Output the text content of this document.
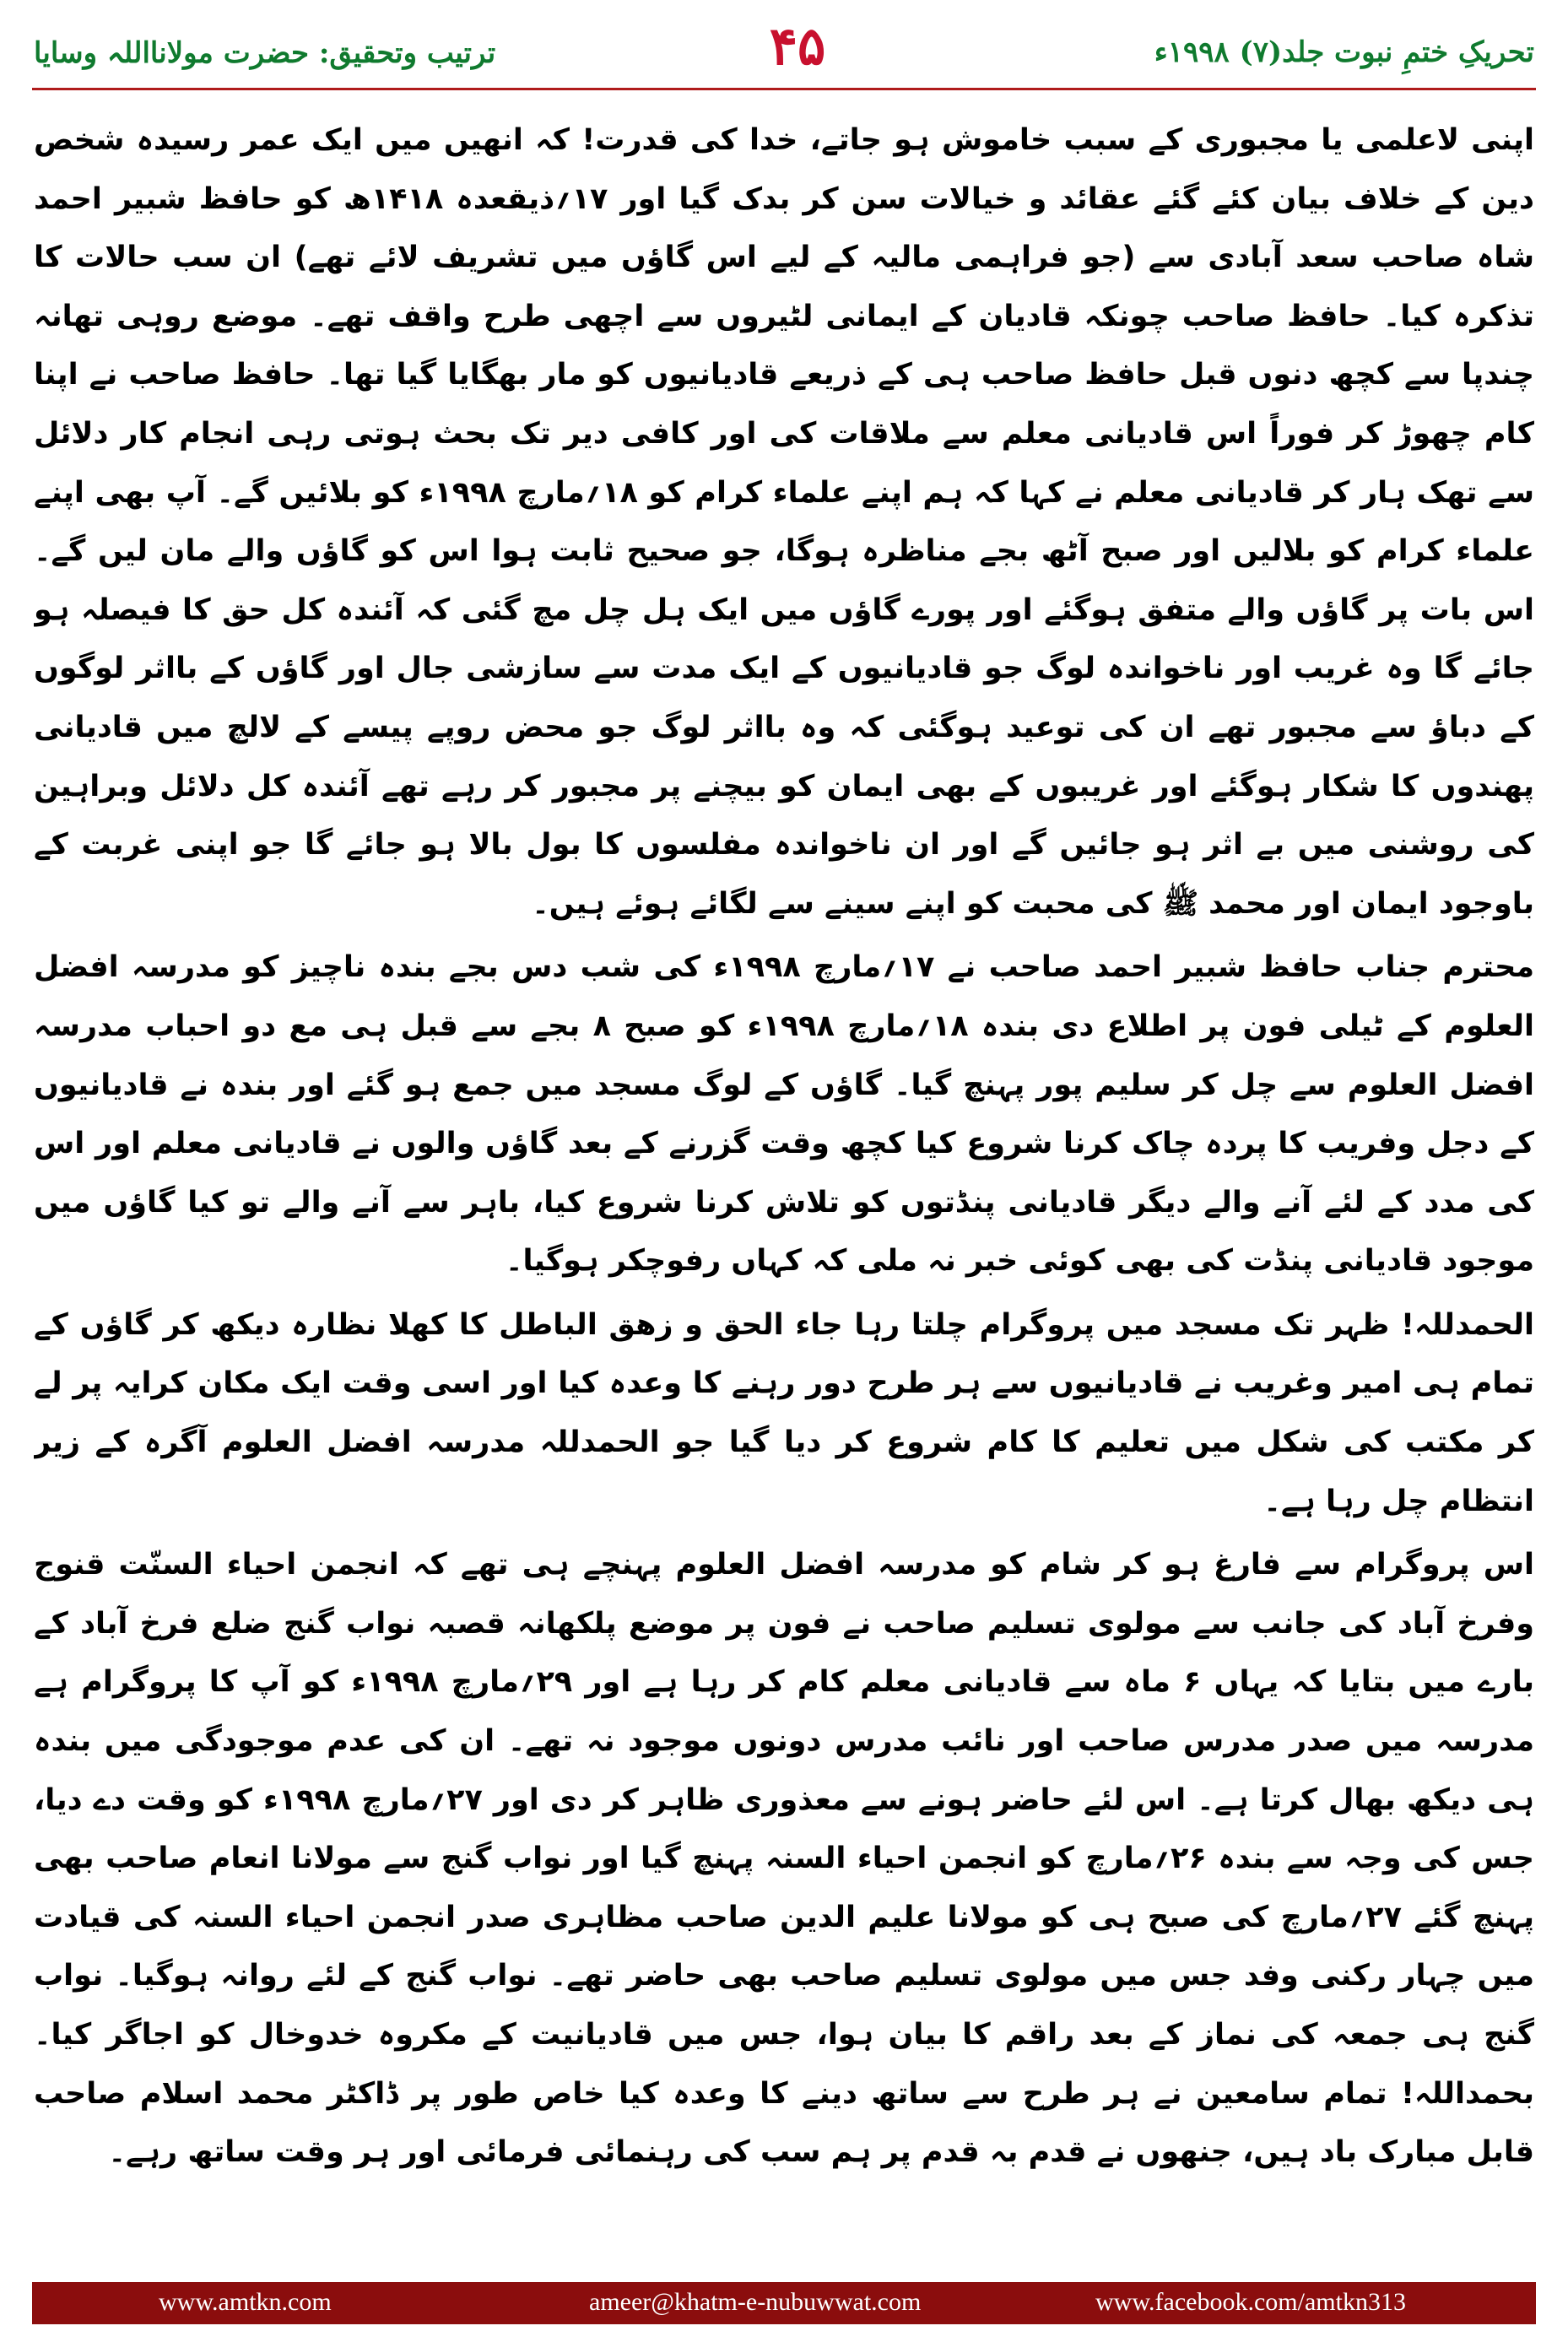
ترتیب وتحقیق: حضرت مولانااللہ وسایا	۴۵	تحریکِ ختمِ نبوت جلد(۷) ۱۹۹۸ء

اپنی لاعلمی یا مجبوری کے سبب خاموش ہو جاتے، خدا کی قدرت! کہ انھیں میں ایک عمر رسیدہ شخص دین کے خلاف بیان کئے گئے عقائد و خیالات سن کر بدک گیا اور ۱۷؍ذیقعدہ ۱۴۱۸ھ کو حافظ شبیر احمد شاہ صاحب سعد آبادی سے (جو فراہمی مالیہ کے لیے اس گاؤں میں تشریف لائے تھے) ان سب حالات کا تذکرہ کیا۔ حافظ صاحب چونکہ قادیان کے ایمانی لٹیروں سے اچھی طرح واقف تھے۔ موضع روہی تھانہ چندپا سے کچھ دنوں قبل حافظ صاحب ہی کے ذریعے قادیانیوں کو مار بھگایا گیا تھا۔ حافظ صاحب نے اپنا کام چھوڑ کر فوراً اس قادیانی معلم سے ملاقات کی اور کافی دیر تک بحث ہوتی رہی انجام کار دلائل سے تھک ہار کر قادیانی معلم نے کہا کہ ہم اپنے علماء کرام کو ۱۸؍مارچ ۱۹۹۸ء کو بلائیں گے۔ آپ بھی اپنے علماء کرام کو بلالیں اور صبح آٹھ بجے مناظرہ ہوگا، جو صحیح ثابت ہوا اس کو گاؤں والے مان لیں گے۔ اس بات پر گاؤں والے متفق ہوگئے اور پورے گاؤں میں ایک ہل چل مچ گئی کہ آئندہ کل حق کا فیصلہ ہو جائے گا وہ غریب اور ناخواندہ لوگ جو قادیانیوں کے ایک مدت سے سازشی جال اور گاؤں کے بااثر لوگوں کے دباؤ سے مجبور تھے ان کی توعید ہوگئی کہ وہ بااثر لوگ جو محض روپے پیسے کے لالچ میں قادیانی پھندوں کا شکار ہوگئے اور غریبوں کے بھی ایمان کو بیچنے پر مجبور کر رہے تھے آئندہ کل دلائل وبراہین کی روشنی میں بے اثر ہو جائیں گے اور ان ناخواندہ مفلسوں کا بول بالا ہو جائے گا جو اپنی غربت کے باوجود ایمان اور محمد ﷺ کی محبت کو اپنے سینے سے لگائے ہوئے ہیں۔

محترم جناب حافظ شبیر احمد صاحب نے ۱۷؍مارچ ۱۹۹۸ء کی شب دس بجے بندہ ناچیز کو مدرسہ افضل العلوم کے ٹیلی فون پر اطلاع دی بندہ ۱۸؍مارچ ۱۹۹۸ء کو صبح ۸ بجے سے قبل ہی مع دو احباب مدرسہ افضل العلوم سے چل کر سلیم پور پہنچ گیا۔ گاؤں کے لوگ مسجد میں جمع ہو گئے اور بندہ نے قادیانیوں کے دجل وفریب کا پردہ چاک کرنا شروع کیا کچھ وقت گزرنے کے بعد گاؤں والوں نے قادیانی معلم اور اس کی مدد کے لئے آنے والے دیگر قادیانی پنڈتوں کو تلاش کرنا شروع کیا، باہر سے آنے والے تو کیا گاؤں میں موجود قادیانی پنڈت کی بھی کوئی خبر نہ ملی کہ کہاں رفوچکر ہوگیا۔

الحمدللہ! ظہر تک مسجد میں پروگرام چلتا رہا جاء الحق و زھق الباطل کا کھلا نظارہ دیکھ کر گاؤں کے تمام ہی امیر وغریب نے قادیانیوں سے ہر طرح دور رہنے کا وعدہ کیا اور اسی وقت ایک مکان کرایہ پر لے کر مکتب کی شکل میں تعلیم کا کام شروع کر دیا گیا جو الحمدللہ مدرسہ افضل العلوم آگرہ کے زیر انتظام چل رہا ہے۔

اس پروگرام سے فارغ ہو کر شام کو مدرسہ افضل العلوم پہنچے ہی تھے کہ انجمن احیاء السنّت قنوج وفرخ آباد کی جانب سے مولوی تسلیم صاحب نے فون پر موضع پلکھانہ قصبہ نواب گنج ضلع فرخ آباد کے بارے میں بتایا کہ یہاں ۶ ماہ سے قادیانی معلم کام کر رہا ہے اور ۲۹؍مارچ ۱۹۹۸ء کو آپ کا پروگرام ہے مدرسہ میں صدر مدرس صاحب اور نائب مدرس دونوں موجود نہ تھے۔ ان کی عدم موجودگی میں بندہ ہی دیکھ بھال کرتا ہے۔ اس لئے حاضر ہونے سے معذوری ظاہر کر دی اور ۲۷؍مارچ ۱۹۹۸ء کو وقت دے دیا، جس کی وجہ سے بندہ ۲۶؍مارچ کو انجمن احیاء السنہ پہنچ گیا اور نواب گنج سے مولانا انعام صاحب بھی پہنچ گئے ۲۷؍مارچ کی صبح ہی کو مولانا علیم الدین صاحب مظاہری صدر انجمن احیاء السنہ کی قیادت میں چہار رکنی وفد جس میں مولوی تسلیم صاحب بھی حاضر تھے۔ نواب گنج کے لئے روانہ ہوگیا۔ نواب گنج ہی جمعہ کی نماز کے بعد راقم کا بیان ہوا، جس میں قادیانیت کے مکروہ خدوخال کو اجاگر کیا۔ بحمداللہ! تمام سامعین نے ہر طرح سے ساتھ دینے کا وعدہ کیا خاص طور پر ڈاکٹر محمد اسلام صاحب قابل مبارک باد ہیں، جنھوں نے قدم بہ قدم پر ہم سب کی رہنمائی فرمائی اور ہر وقت ساتھ رہے۔

www.amtkn.com	ameer@khatm-e-nubuwwat.com	www.facebook.com/amtkn313
